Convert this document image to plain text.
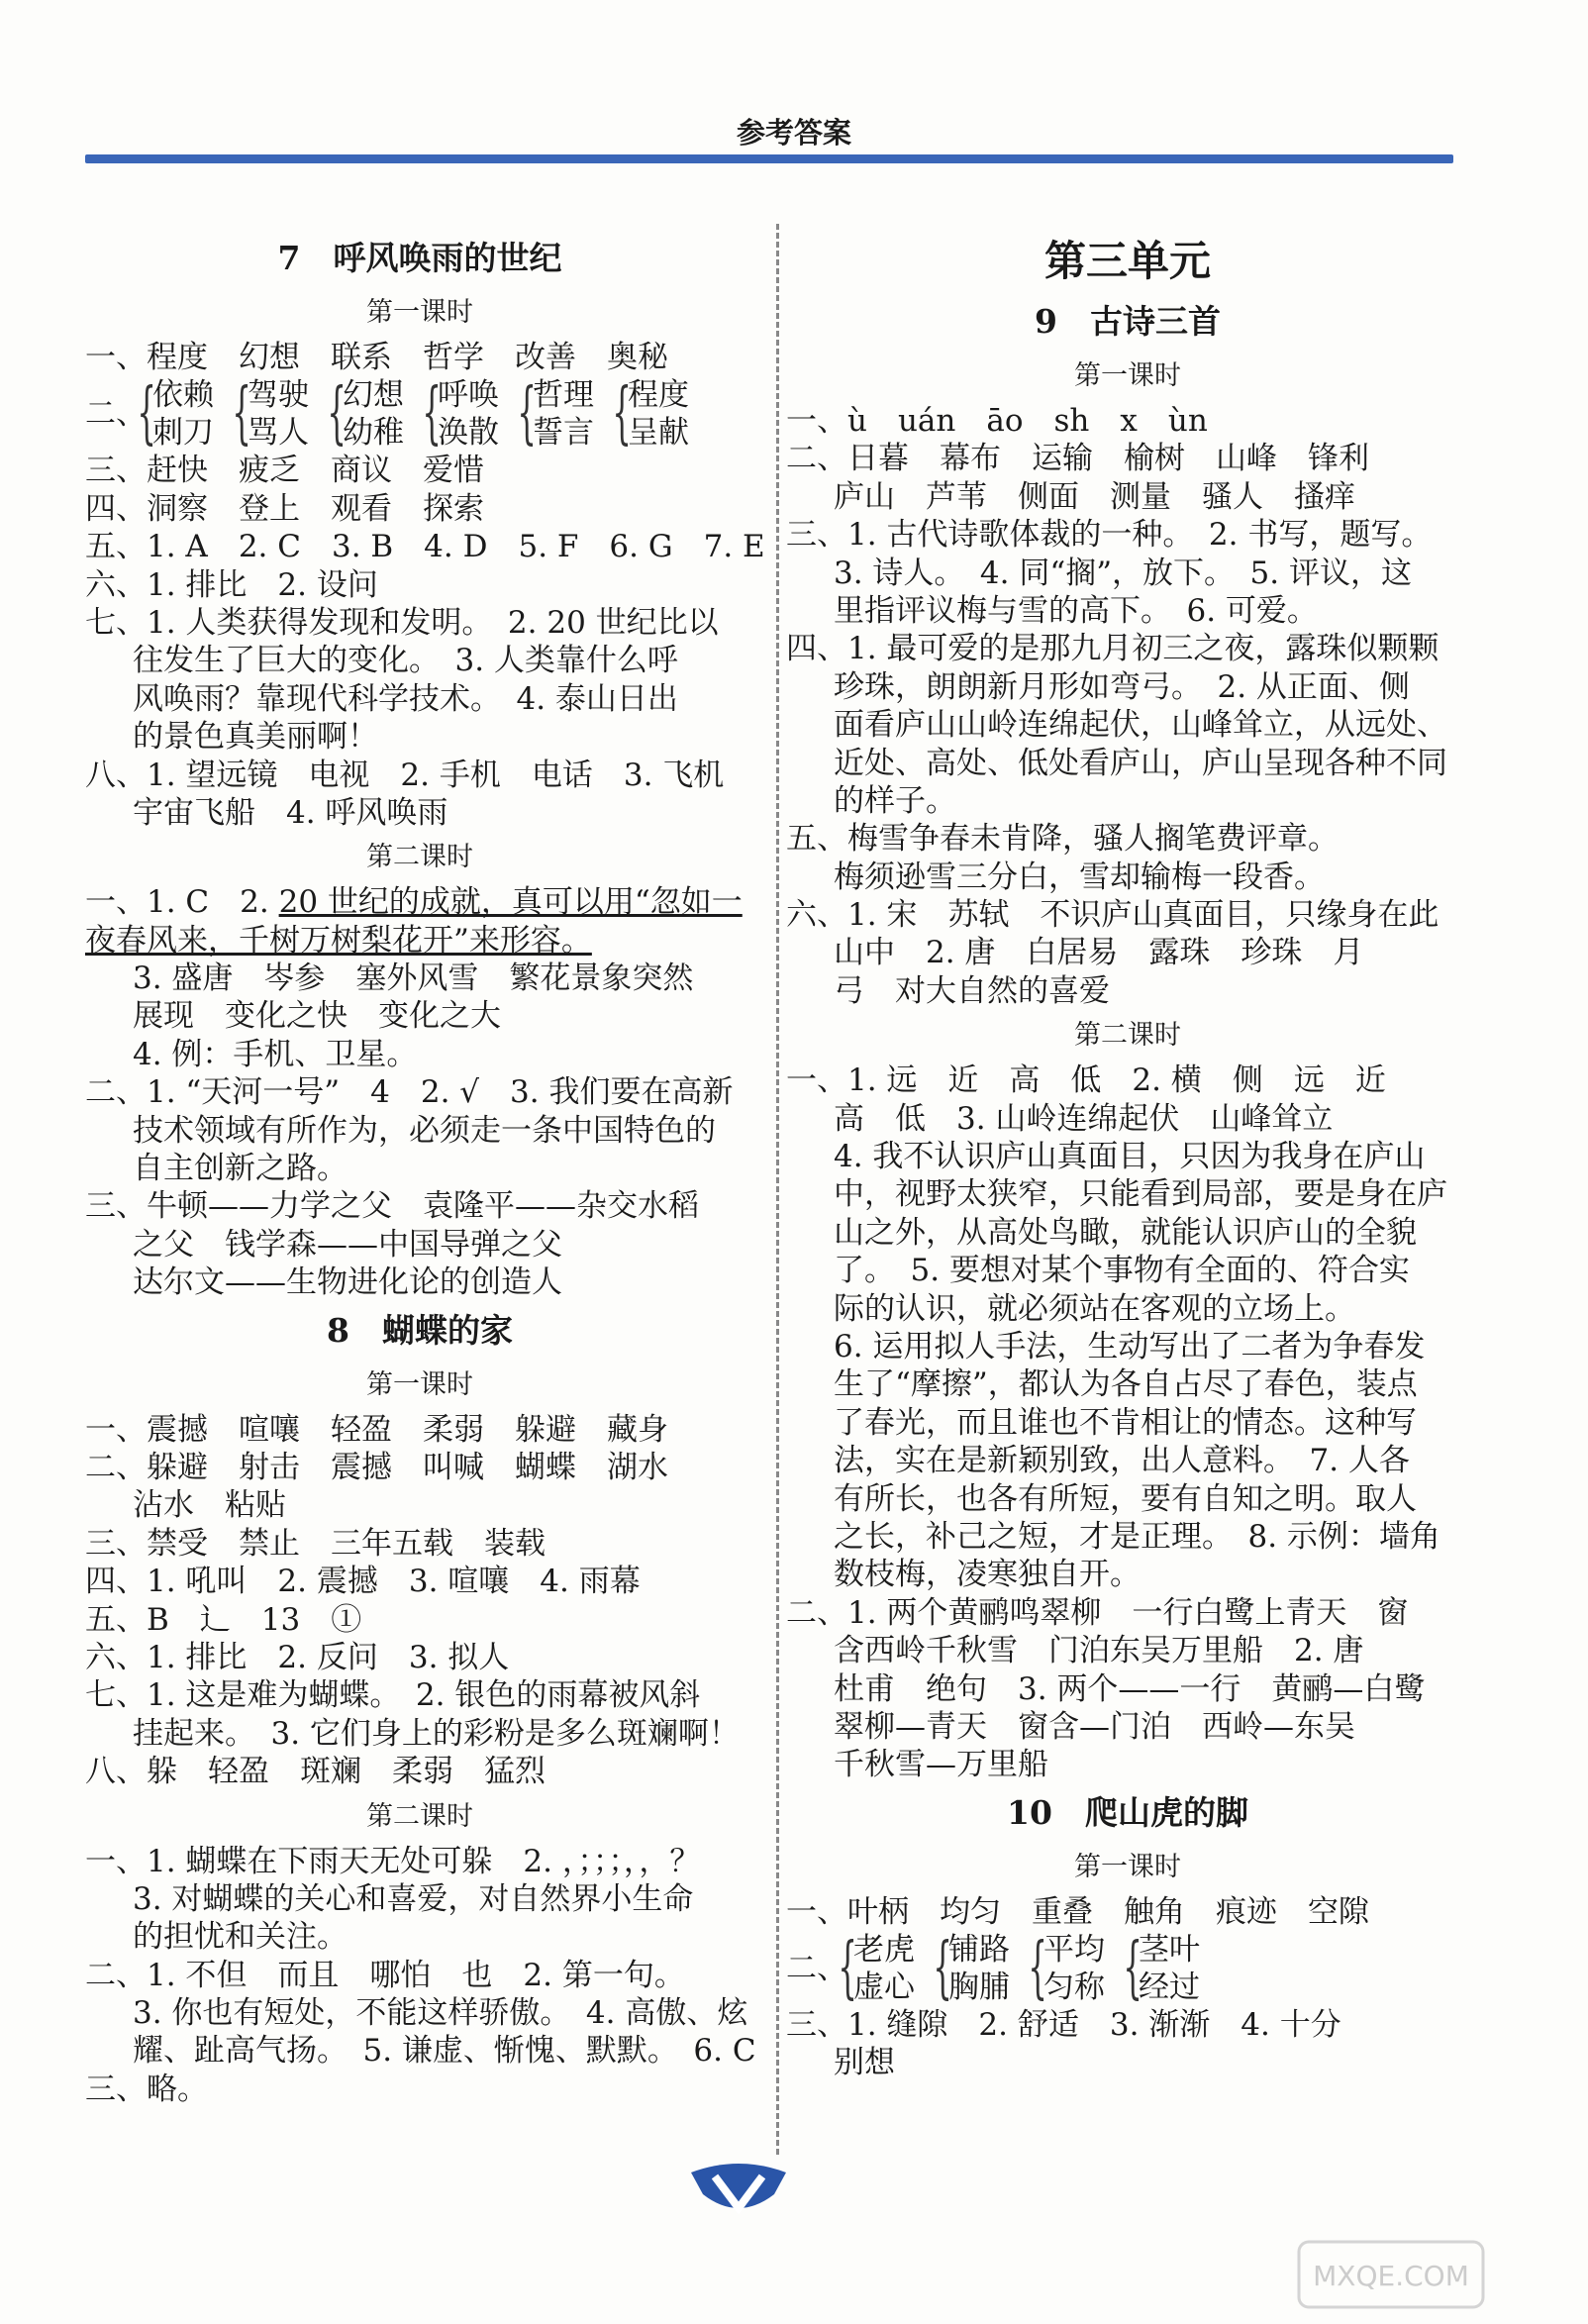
参考答案
7　呼风唤雨的世纪
第一课时
一、程度　幻想　联系　哲学　改善　奥秘
二、
{
依赖
刺刀 {
驾驶
骂人 {
幻想
幼稚 {
呼唤
涣散 {
哲理
誓言 {
程度
呈献
三、赶快　疲乏　商议　爱惜
四、洞察　登上　观看　探索
五、1. A　2. C　3. B　4. D　5. F　6. G　7. E
六、1. 排比　2. 设问
七、1. 人类获得发现和发明。　2. 20 世纪比以
往发生了巨大的变化。　3. 人类靠什么呼
风唤雨？靠现代科学技术。　4. 泰山日出
的景色真美丽啊！
八、1. 望远镜　电视　2. 手机　电话　3. 飞机
宇宙飞船　4. 呼风唤雨
第二课时
一、1. C　2. 20 世纪的成就，真可以用“忽如一
夜春风来，千树万树梨花开”来形容。
3. 盛唐　岑参　塞外风雪　繁花景象突然
展现　变化之快　变化之大
4. 例：手机、卫星。
二、1. “天河一号”　4　2. √　3. 我们要在高新
技术领域有所作为，必须走一条中国特色的
自主创新之路。
三、牛顿——力学之父　袁隆平——杂交水稻
之父　钱学森——中国导弹之父
达尔文——生物进化论的创造人
8　蝴蝶的家
第一课时
一、震撼　喧嚷　轻盈　柔弱　躲避　藏身
二、躲避　射击　震撼　叫喊　蝴蝶　湖水
沾水　粘贴
三、禁受　禁止　三年五载　装载
四、1. 吼叫　2. 震撼　3. 喧嚷　4. 雨幕
五、B　辶　13　①
六、1. 排比　2. 反问　3. 拟人
七、1. 这是难为蝴蝶。　2. 银色的雨幕被风斜
挂起来。　3. 它们身上的彩粉是多么斑斓啊！
八、躲　轻盈　斑斓　柔弱　猛烈
第二课时
一、1. 蝴蝶在下雨天无处可躲　2. ，；；；，，？
3. 对蝴蝶的关心和喜爱，对自然界小生命
的担忧和关注。
二、1. 不但　而且　哪怕　也　2. 第一句。
3. 你也有短处，不能这样骄傲。　4. 高傲、炫
耀、趾高气扬。　5. 谦虚、惭愧、默默。　6. C
三、略。
第三单元
9　古诗三首
第一课时
一、ù　uán　āo　sh　x　ùn
二、日暮　幕布　运输　榆树　山峰　锋利
庐山　芦苇　侧面　测量　骚人　搔痒
三、1. 古代诗歌体裁的一种。　2. 书写，题写。
3. 诗人。　4. 同“搁”，放下。　5. 评议，这
里指评议梅与雪的高下。　6. 可爱。
四、1. 最可爱的是那九月初三之夜，露珠似颗颗
珍珠，朗朗新月形如弯弓。　2. 从正面、侧
面看庐山山岭连绵起伏，山峰耸立，从远处、
近处、高处、低处看庐山，庐山呈现各种不同
的样子。
五、梅雪争春未肯降，骚人搁笔费评章。
梅须逊雪三分白，雪却输梅一段香。
六、1. 宋　苏轼　不识庐山真面目，只缘身在此
山中　2. 唐　白居易　露珠　珍珠　月
弓　对大自然的喜爱
第二课时
一、1. 远　近　高　低　2. 横　侧　远　近
高　低　3. 山岭连绵起伏　山峰耸立
4. 我不认识庐山真面目，只因为我身在庐山
中，视野太狭窄，只能看到局部，要是身在庐
山之外，从高处鸟瞰，就能认识庐山的全貌
了。　5. 要想对某个事物有全面的、符合实
际的认识，就必须站在客观的立场上。
6. 运用拟人手法，生动写出了二者为争春发
生了“摩擦”，都认为各自占尽了春色，装点
了春光，而且谁也不肯相让的情态。这种写
法，实在是新颖别致，出人意料。　7. 人各
有所长，也各有所短，要有自知之明。取人
之长，补己之短，才是正理。　8. 示例：墙角
数枝梅，凌寒独自开。
二、1. 两个黄鹂鸣翠柳　一行白鹭上青天　窗
含西岭千秋雪　门泊东吴万里船　2. 唐
杜甫　绝句　3. 两个——一行　黄鹂—白鹭
翠柳—青天　窗含—门泊　西岭—东吴
千秋雪—万里船
10　爬山虎的脚
第一课时
一、叶柄　均匀　重叠　触角　痕迹　空隙
二、
{
老虎
虚心 {
铺路
胸脯 {
平均
匀称 {
茎叶
经过
三、1. 缝隙　2. 舒适　3. 渐渐　4. 十分
别想
MXQE.COM
